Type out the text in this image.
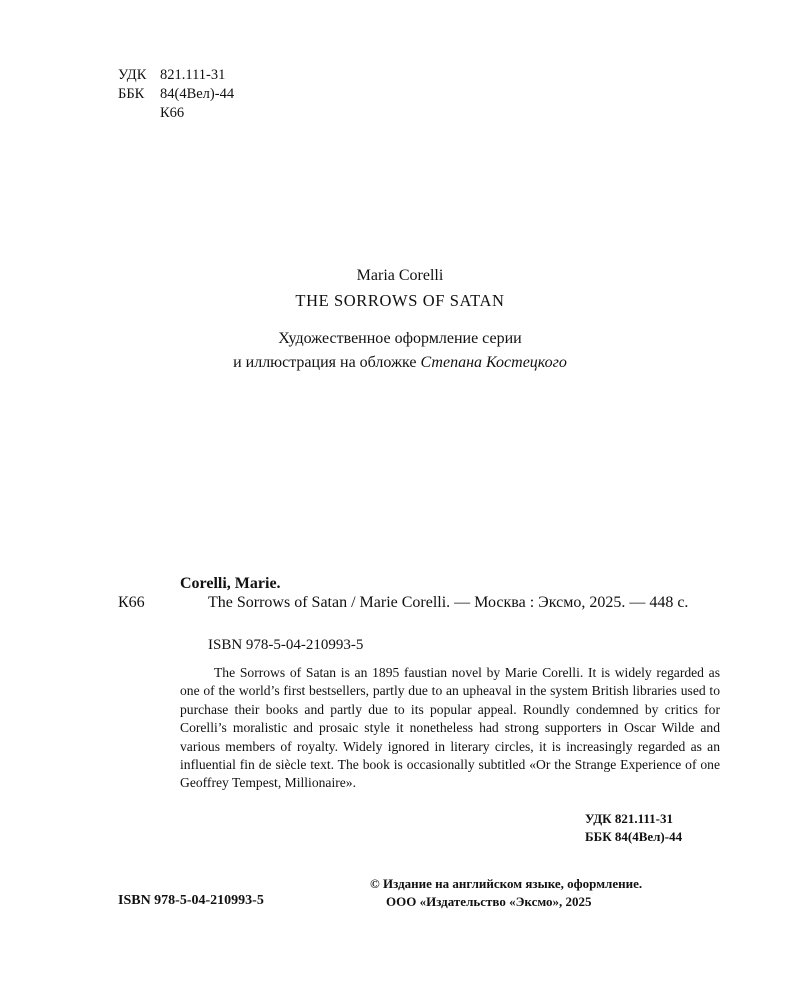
УДК 821.111-31
ББК 84(4Вел)-44
К66
Maria Corelli
THE SORROWS OF SATAN
Художественное оформление серии
и иллюстрация на обложке Степана Костецкого
К66
Corelli, Marie.
The Sorrows of Satan / Marie Corelli. — Москва : Эксмо, 2025. — 448 с.
ISBN 978-5-04-210993-5
The Sorrows of Satan is an 1895 faustian novel by Marie Corelli. It is widely regarded as one of the world’s first bestsellers, partly due to an upheaval in the system British libraries used to purchase their books and partly due to its popular appeal. Roundly condemned by critics for Corelli’s moralistic and prosaic style it nonetheless had strong supporters in Oscar Wilde and various members of royalty. Widely ignored in literary circles, it is increasingly regarded as an influential fin de siècle text. The book is occasionally subtitled «Or the Strange Experience of one Geoffrey Tempest, Millionaire».
УДК 821.111-31
ББК 84(4Вел)-44
ISBN 978-5-04-210993-5
© Издание на английском языке, оформление.
ООО «Издательство «Эксмо», 2025
